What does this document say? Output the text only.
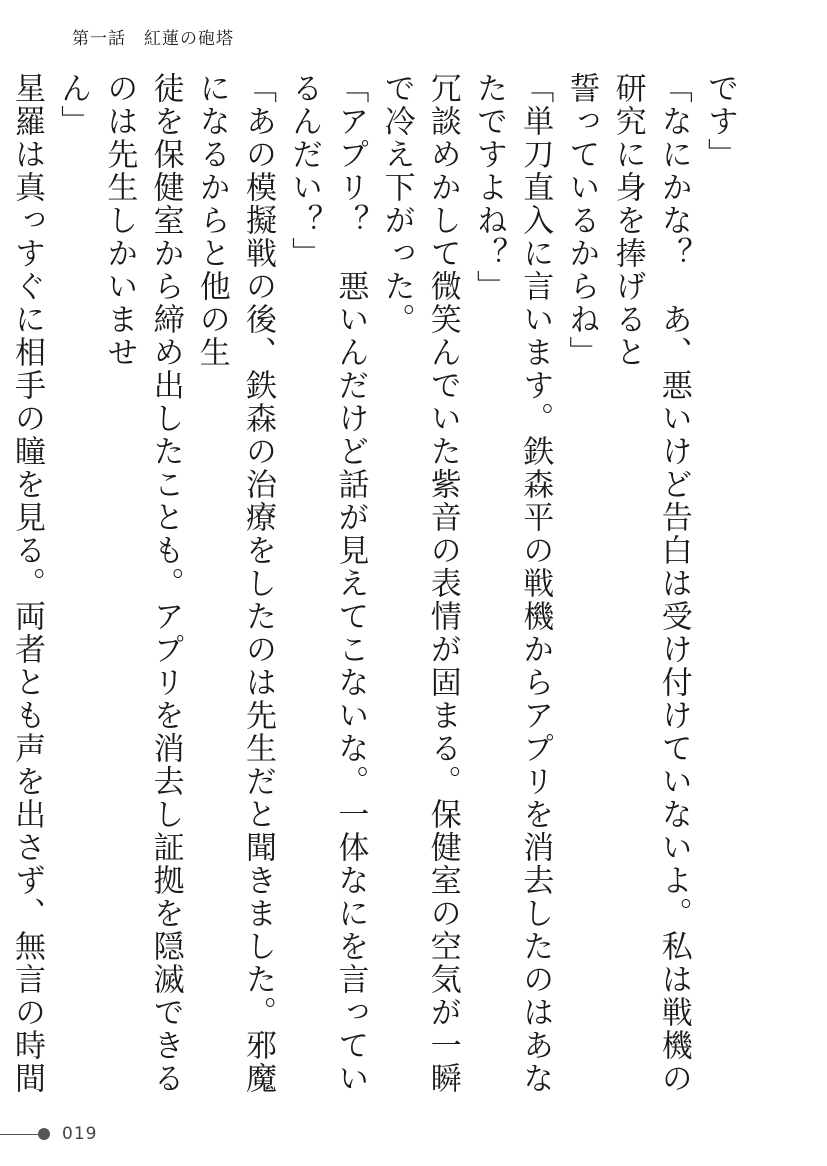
第一話　紅蓮の砲塔

です」

「なにかな？　あ、悪いけど告白は受け付けていないよ。私は戦機の研究に身を捧げると

誓っているからね」

「単刀直入に言います。鉄森平の戦機からアプリを消去したのはあなたですよね？」

冗談めかして微笑んでいた紫音の表情が固まる。保健室の空気が一瞬で冷え下がった。

「アプリ？　悪いんだけど話が見えてこないな。一体なにを言っているんだい？」

「あの模擬戦の後、鉄森の治療をしたのは先生だと聞きました。邪魔になるからと他の生

徒を保健室から締め出したことも。アプリを消去し証拠を隠滅できるのは先生しかいませ

ん」

星羅は真っすぐに相手の瞳を見る。両者とも声を出さず、無言の時間

019
